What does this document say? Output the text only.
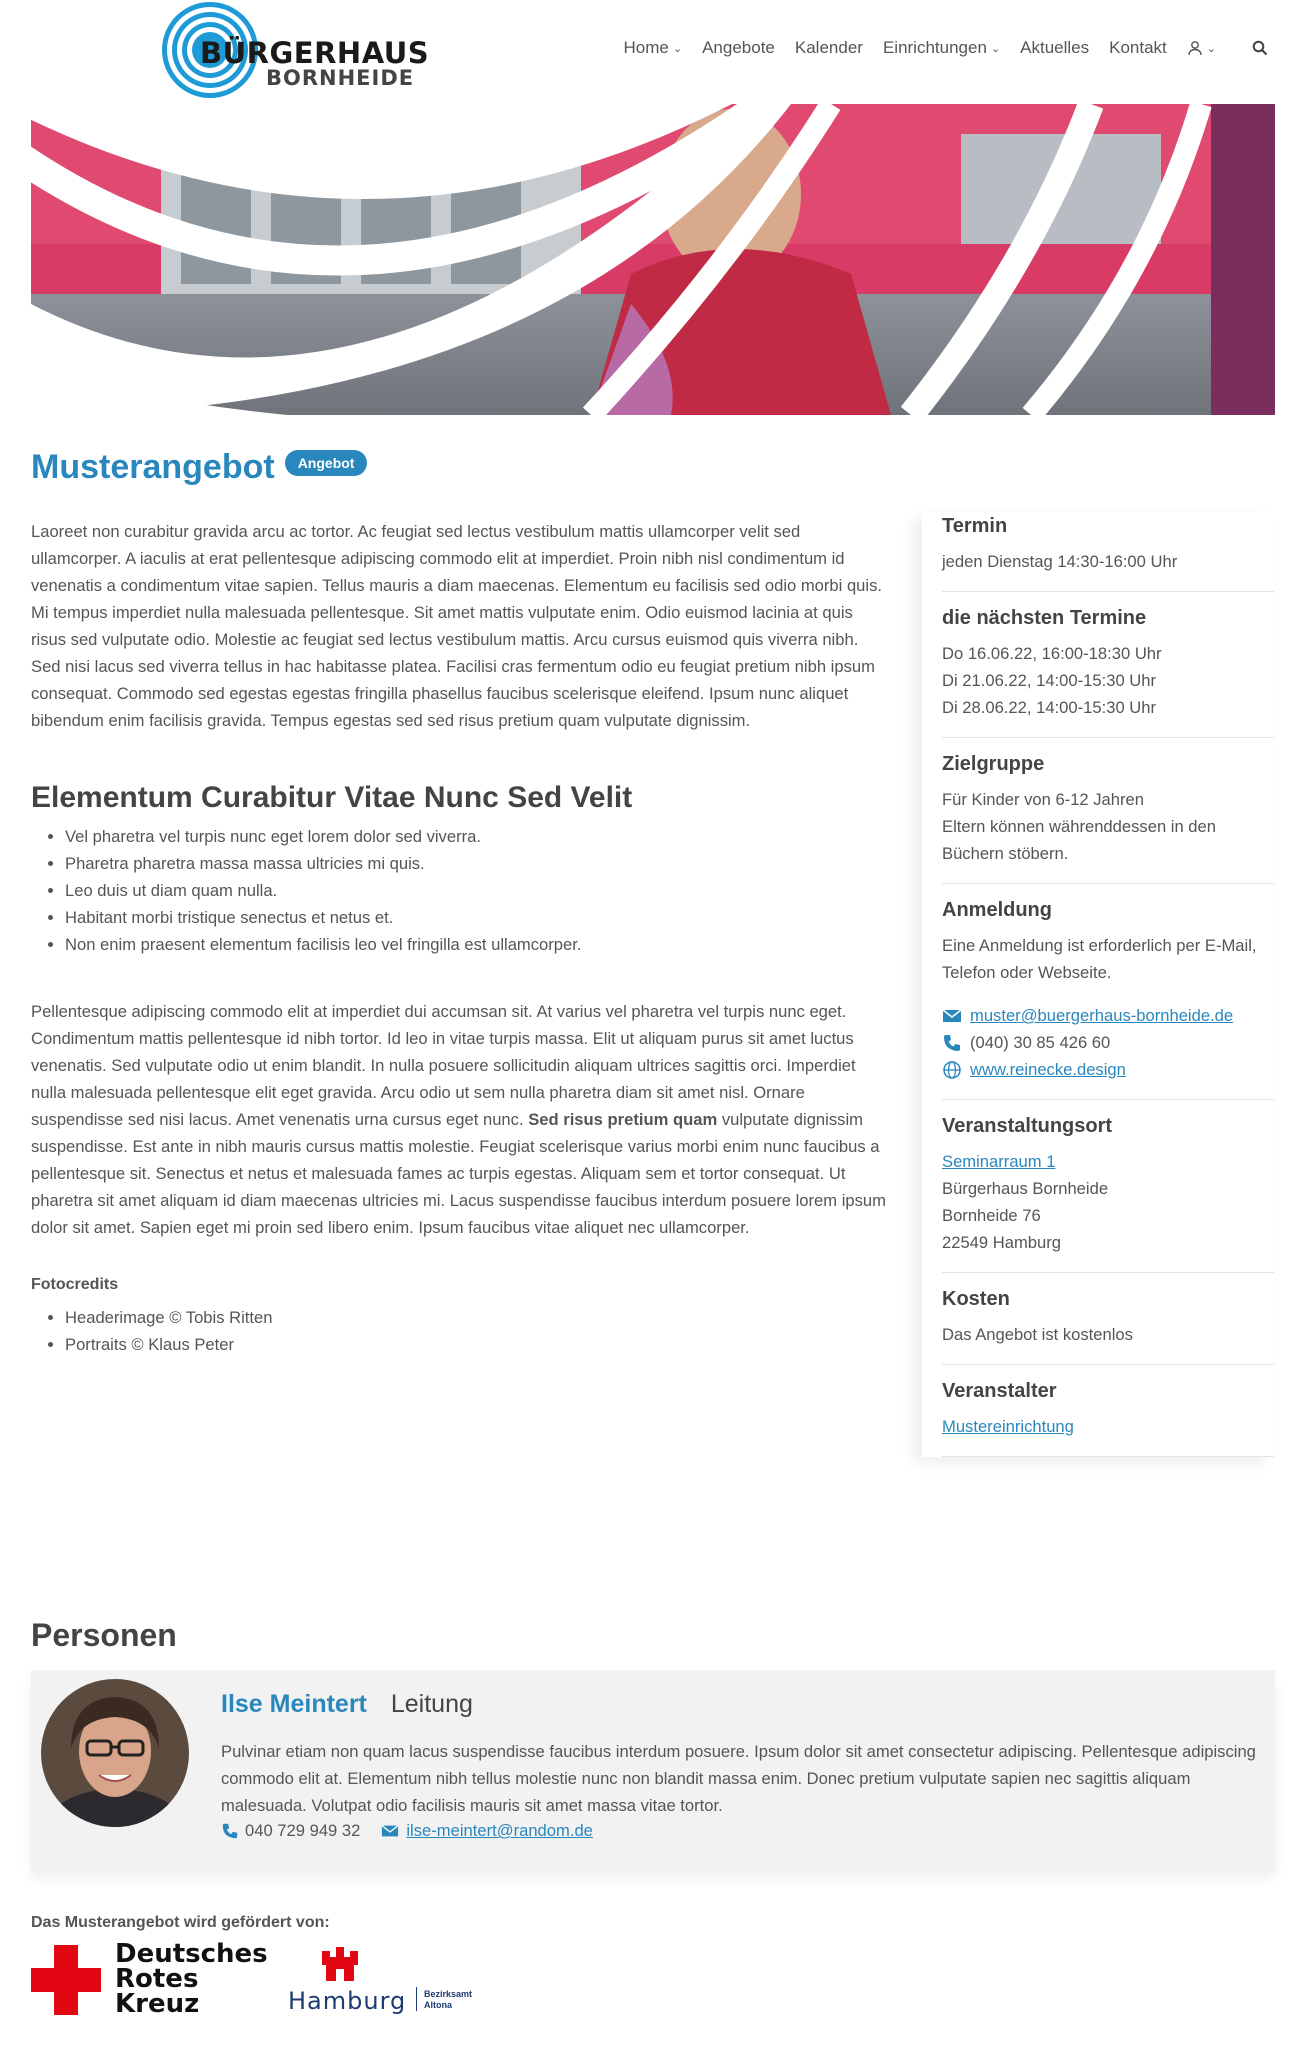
BÜRGERHAUS
BORNHEIDE
Home ⌄ Angebote Kalender Einrichtungen ⌄ Aktuelles Kontakt	⌄
Musterangebot	Angebot

Laoreet non curabitur gravida arcu ac tortor. Ac feugiat sed lectus vestibulum mattis ullamcorper velit sed ullamcorper. A iaculis at erat pellentesque adipiscing commodo elit at imperdiet. Proin nibh nisl condimentum id venenatis a condimentum vitae sapien. Tellus mauris a diam maecenas. Elementum eu facilisis sed odio morbi quis. Mi tempus imperdiet nulla malesuada pellentesque. Sit amet mattis vulputate enim. Odio euismod lacinia at quis risus sed vulputate odio. Molestie ac feugiat sed lectus vestibulum mattis. Arcu cursus euismod quis viverra nibh. Sed nisi lacus sed viverra tellus in hac habitasse platea. Facilisi cras fermentum odio eu feugiat pretium nibh ipsum consequat. Commodo sed egestas egestas fringilla phasellus faucibus scelerisque eleifend. Ipsum nunc aliquet bibendum enim facilisis gravida. Tempus egestas sed sed risus pretium quam vulputate dignissim.

Elementum Curabitur Vitae Nunc Sed Velit
• Vel pharetra vel turpis nunc eget lorem dolor sed viverra.
• Pharetra pharetra massa massa ultricies mi quis.
• Leo duis ut diam quam nulla.
• Habitant morbi tristique senectus et netus et.
• Non enim praesent elementum facilisis leo vel fringilla est ullamcorper.

Pellentesque adipiscing commodo elit at imperdiet dui accumsan sit. At varius vel pharetra vel turpis nunc eget. Condimentum mattis pellentesque id nibh tortor. Id leo in vitae turpis massa. Elit ut aliquam purus sit amet luctus venenatis. Sed vulputate odio ut enim blandit. In nulla posuere sollicitudin aliquam ultrices sagittis orci. Imperdiet nulla malesuada pellentesque elit eget gravida. Arcu odio ut sem nulla pharetra diam sit amet nisl. Ornare suspendisse sed nisi lacus. Amet venenatis urna cursus eget nunc. Sed risus pretium quam vulputate dignissim suspendisse. Est ante in nibh mauris cursus mattis molestie. Feugiat scelerisque varius morbi enim nunc faucibus a pellentesque sit. Senectus et netus et malesuada fames ac turpis egestas. Aliquam sem et tortor consequat. Ut pharetra sit amet aliquam id diam maecenas ultricies mi. Lacus suspendisse faucibus interdum posuere lorem ipsum dolor sit amet. Sapien eget mi proin sed libero enim. Ipsum faucibus vitae aliquet nec ullamcorper.

Fotocredits
• Headerimage © Tobis Ritten
• Portraits © Klaus Peter
Termin
jeden Dienstag 14:30-16:00 Uhr
die nächsten Termine
Do 16.06.22, 16:00-18:30 Uhr
Di 21.06.22, 14:00-15:30 Uhr
Di 28.06.22, 14:00-15:30 Uhr
Zielgruppe
Für Kinder von 6-12 Jahren
Eltern können währenddessen in den Büchern stöbern.
Anmeldung
Eine Anmeldung ist erforderlich per E-Mail, Telefon oder Webseite.
muster@buergerhaus-bornheide.de
(040) 30 85 426 60
www.reinecke.design
Veranstaltungsort
Seminarraum 1
Bürgerhaus Bornheide
Bornheide 76
22549 Hamburg
Kosten
Das Angebot ist kostenlos
Veranstalter
Mustereinrichtung
Personen
Ilse Meintert Leitung

Pulvinar etiam non quam lacus suspendisse faucibus interdum posuere. Ipsum dolor sit amet consectetur adipiscing. Pellentesque adipiscing commodo elit at. Elementum nibh tellus molestie nunc non blandit massa enim. Donec pretium vulputate sapien nec sagittis aliquam malesuada. Volutpat odio facilisis mauris sit amet massa vitae tortor.

040 729 949 32	ilse-meintert@random.de
Das Musterangebot wird gefördert von:
Deutsches
Rotes
Kreuz	Hamburg Bezirksamt
Altona
